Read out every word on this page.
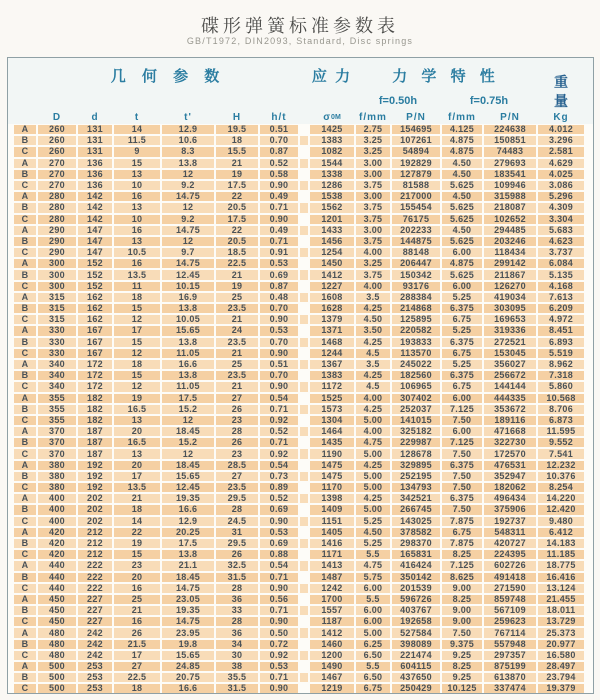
碟形弹簧标准参数表
GB/T1972, DIN2093, Standard, Disc springs
几 何 参 数	应 力	力 学 特 性	重
量
f=0.50h	f=0.75h
D	d	t	t'	H	h/t	σ 0M	f/mm	P/N	f/mm	P/N	Kg
A	260	131	14	12.9	19.5	0.51	1425	2.75	154695	4.125	224638	4.012
B	260	131	11.5	10.6	18	0.70	1383	3.25	107261	4.875	150851	3.296
C	260	131	9	8.3	15.5	0.87	1082	3.25	54894	4.875	74483	2.581
A	270	136	15	13.8	21	0.52	1544	3.00	192829	4.50	279693	4.629
B	270	136	13	12	19	0.58	1338	3.00	127879	4.50	183541	4.025
C	270	136	10	9.2	17.5	0.90	1286	3.75	81588	5.625	109946	3.086
A	280	142	16	14.75	22	0.49	1538	3.00	217000	4.50	315988	5.296
B	280	142	13	12	20.5	0.71	1562	3.75	155454	5.625	218087	4.309
C	280	142	10	9.2	17.5	0.90	1201	3.75	76175	5.625	102652	3.304
A	290	147	16	14.75	22	0.49	1433	3.00	202233	4.50	294485	5.683
B	290	147	13	12	20.5	0.71	1456	3.75	144875	5.625	203246	4.623
C	290	147	10.5	9.7	18.5	0.91	1254	4.00	88148	6.00	118434	3.737
A	300	152	16	14.75	22.5	0.53	1450	3.25	206447	4.875	299142	6.084
B	300	152	13.5	12.45	21	0.69	1412	3.75	150342	5.625	211867	5.135
C	300	152	11	10.15	19	0.87	1227	4.00	93176	6.00	126270	4.168
A	315	162	18	16.9	25	0.48	1608	3.5	288384	5.25	419034	7.613
B	315	162	15	13.8	23.5	0.70	1628	4.25	214868	6.375	303095	6.209
C	315	162	12	10.05	21	0.90	1379	4.50	125895	6.75	169653	4.972
A	330	167	17	15.65	24	0.53	1371	3.50	220582	5.25	319336	8.451
B	330	167	15	13.8	23.5	0.70	1468	4.25	193833	6.375	272521	6.893
C	330	167	12	11.05	21	0.90	1244	4.5	113570	6.75	153045	5.519
A	340	172	18	16.6	25	0.51	1367	3.5	245022	5.25	356027	8.962
B	340	172	15	13.8	23.5	0.70	1383	4.25	182560	6.375	256672	7.318
C	340	172	12	11.05	21	0.90	1172	4.5	106965	6.75	144144	5.860
A	355	182	19	17.5	27	0.54	1525	4.00	307402	6.00	444335	10.568
B	355	182	16.5	15.2	26	0.71	1573	4.25	252037	7.125	353672	8.706
C	355	182	13	12	23	0.92	1304	5.00	141015	7.50	189116	6.873
A	370	187	20	18.45	28	0.52	1464	4.00	325182	6.00	471668	11.595
B	370	187	16.5	15.2	26	0.71	1435	4.75	229987	7.125	322730	9.552
C	370	187	13	12	23	0.92	1190	5.00	128678	7.50	172570	7.541
A	380	192	20	18.45	28.5	0.54	1475	4.25	329895	6.375	476531	12.232
B	380	192	17	15.65	27	0.73	1475	5.00	252195	7.50	352947	10.376
C	380	192	13.5	12.45	23.5	0.89	1170	5.00	134793	7.50	182062	8.254
A	400	202	21	19.35	29.5	0.52	1398	4.25	342521	6.375	496434	14.220
B	400	202	18	16.6	28	0.69	1409	5.00	266745	7.50	375906	12.420
C	400	202	14	12.9	24.5	0.90	1151	5.25	143025	7.875	192737	9.480
A	420	212	22	20.25	31	0.53	1405	4.50	378582	6.75	548311	6.412
B	420	212	19	17.5	29.5	0.69	1416	5.25	298370	7.875	420727	14.183
C	420	212	15	13.8	26	0.88	1171	5.5	165831	8.25	224395	11.185
A	440	222	23	21.1	32.5	0.54	1413	4.75	416424	7.125	602726	18.775
B	440	222	20	18.45	31.5	0.71	1487	5.75	350142	8.625	491418	16.416
C	440	222	16	14.75	28	0.90	1242	6.00	201539	9.00	271590	13.124
A	450	227	25	23.05	36	0.56	1700	5.5	596726	8.25	859748	21.455
B	450	227	21	19.35	33	0.71	1557	6.00	403767	9.00	567109	18.011
C	450	227	16	14.75	28	0.90	1187	6.00	192658	9.00	259623	13.729
A	480	242	26	23.95	36	0.50	1412	5.00	527584	7.50	767114	25.373
B	480	242	21.5	19.8	34	0.72	1460	6.25	398089	9.375	557948	20.977
C	480	242	17	15.65	30	0.92	1200	6.50	221474	9.25	297357	16.580
A	500	253	27	24.85	38	0.53	1490	5.5	604115	8.25	875199	28.497
B	500	253	22.5	20.75	35.5	0.71	1467	6.50	437650	9.25	613870	23.794
C	500	253	18	16.6	31.5	0.90	1219	6.75	250429	10.125	337474	19.379
